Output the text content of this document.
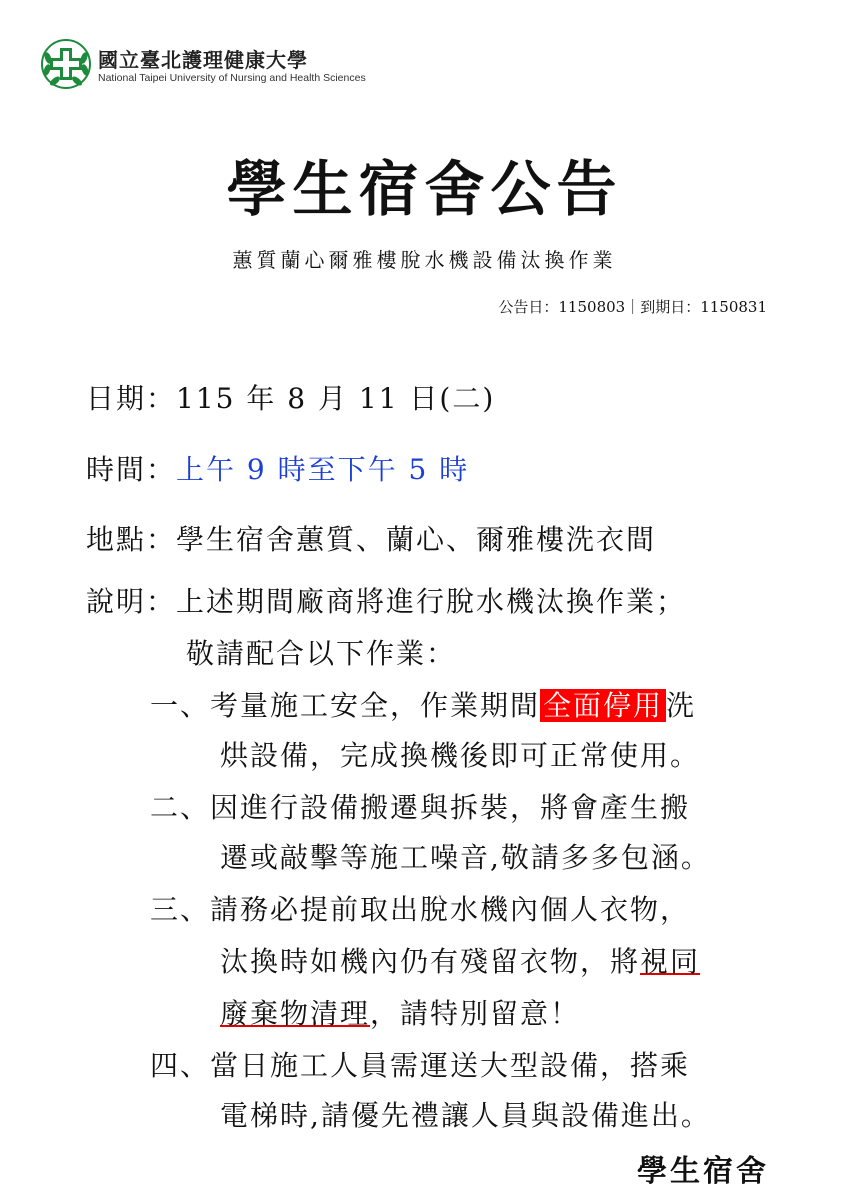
國立臺北護理健康大學
National Taipei University of Nursing and Health Sciences
學生宿舍公告
蕙質蘭心爾雅樓脫水機設備汰換作業
公告日：1150803｜到期日：1150831
日期：115 年 8 月 11 日(二)
時間：上午 9 時至下午 5 時
地點：學生宿舍蕙質、蘭心、爾雅樓洗衣間
說明：上述期間廠商將進行脫水機汰換作業；
敬請配合以下作業：
一、考量施工安全，作業期間 全面停用 洗
烘設備，完成換機後即可正常使用。
二、因進行設備搬遷與拆裝，將會產生搬
遷或敲擊等施工噪音,敬請多多包涵。
三、請務必提前取出脫水機內個人衣物，
汰換時如機內仍有殘留衣物，將視同
廢棄物清理，請特別留意！
四、當日施工人員需運送大型設備，搭乘
電梯時,請優先禮讓人員與設備進出。
學生宿舍
